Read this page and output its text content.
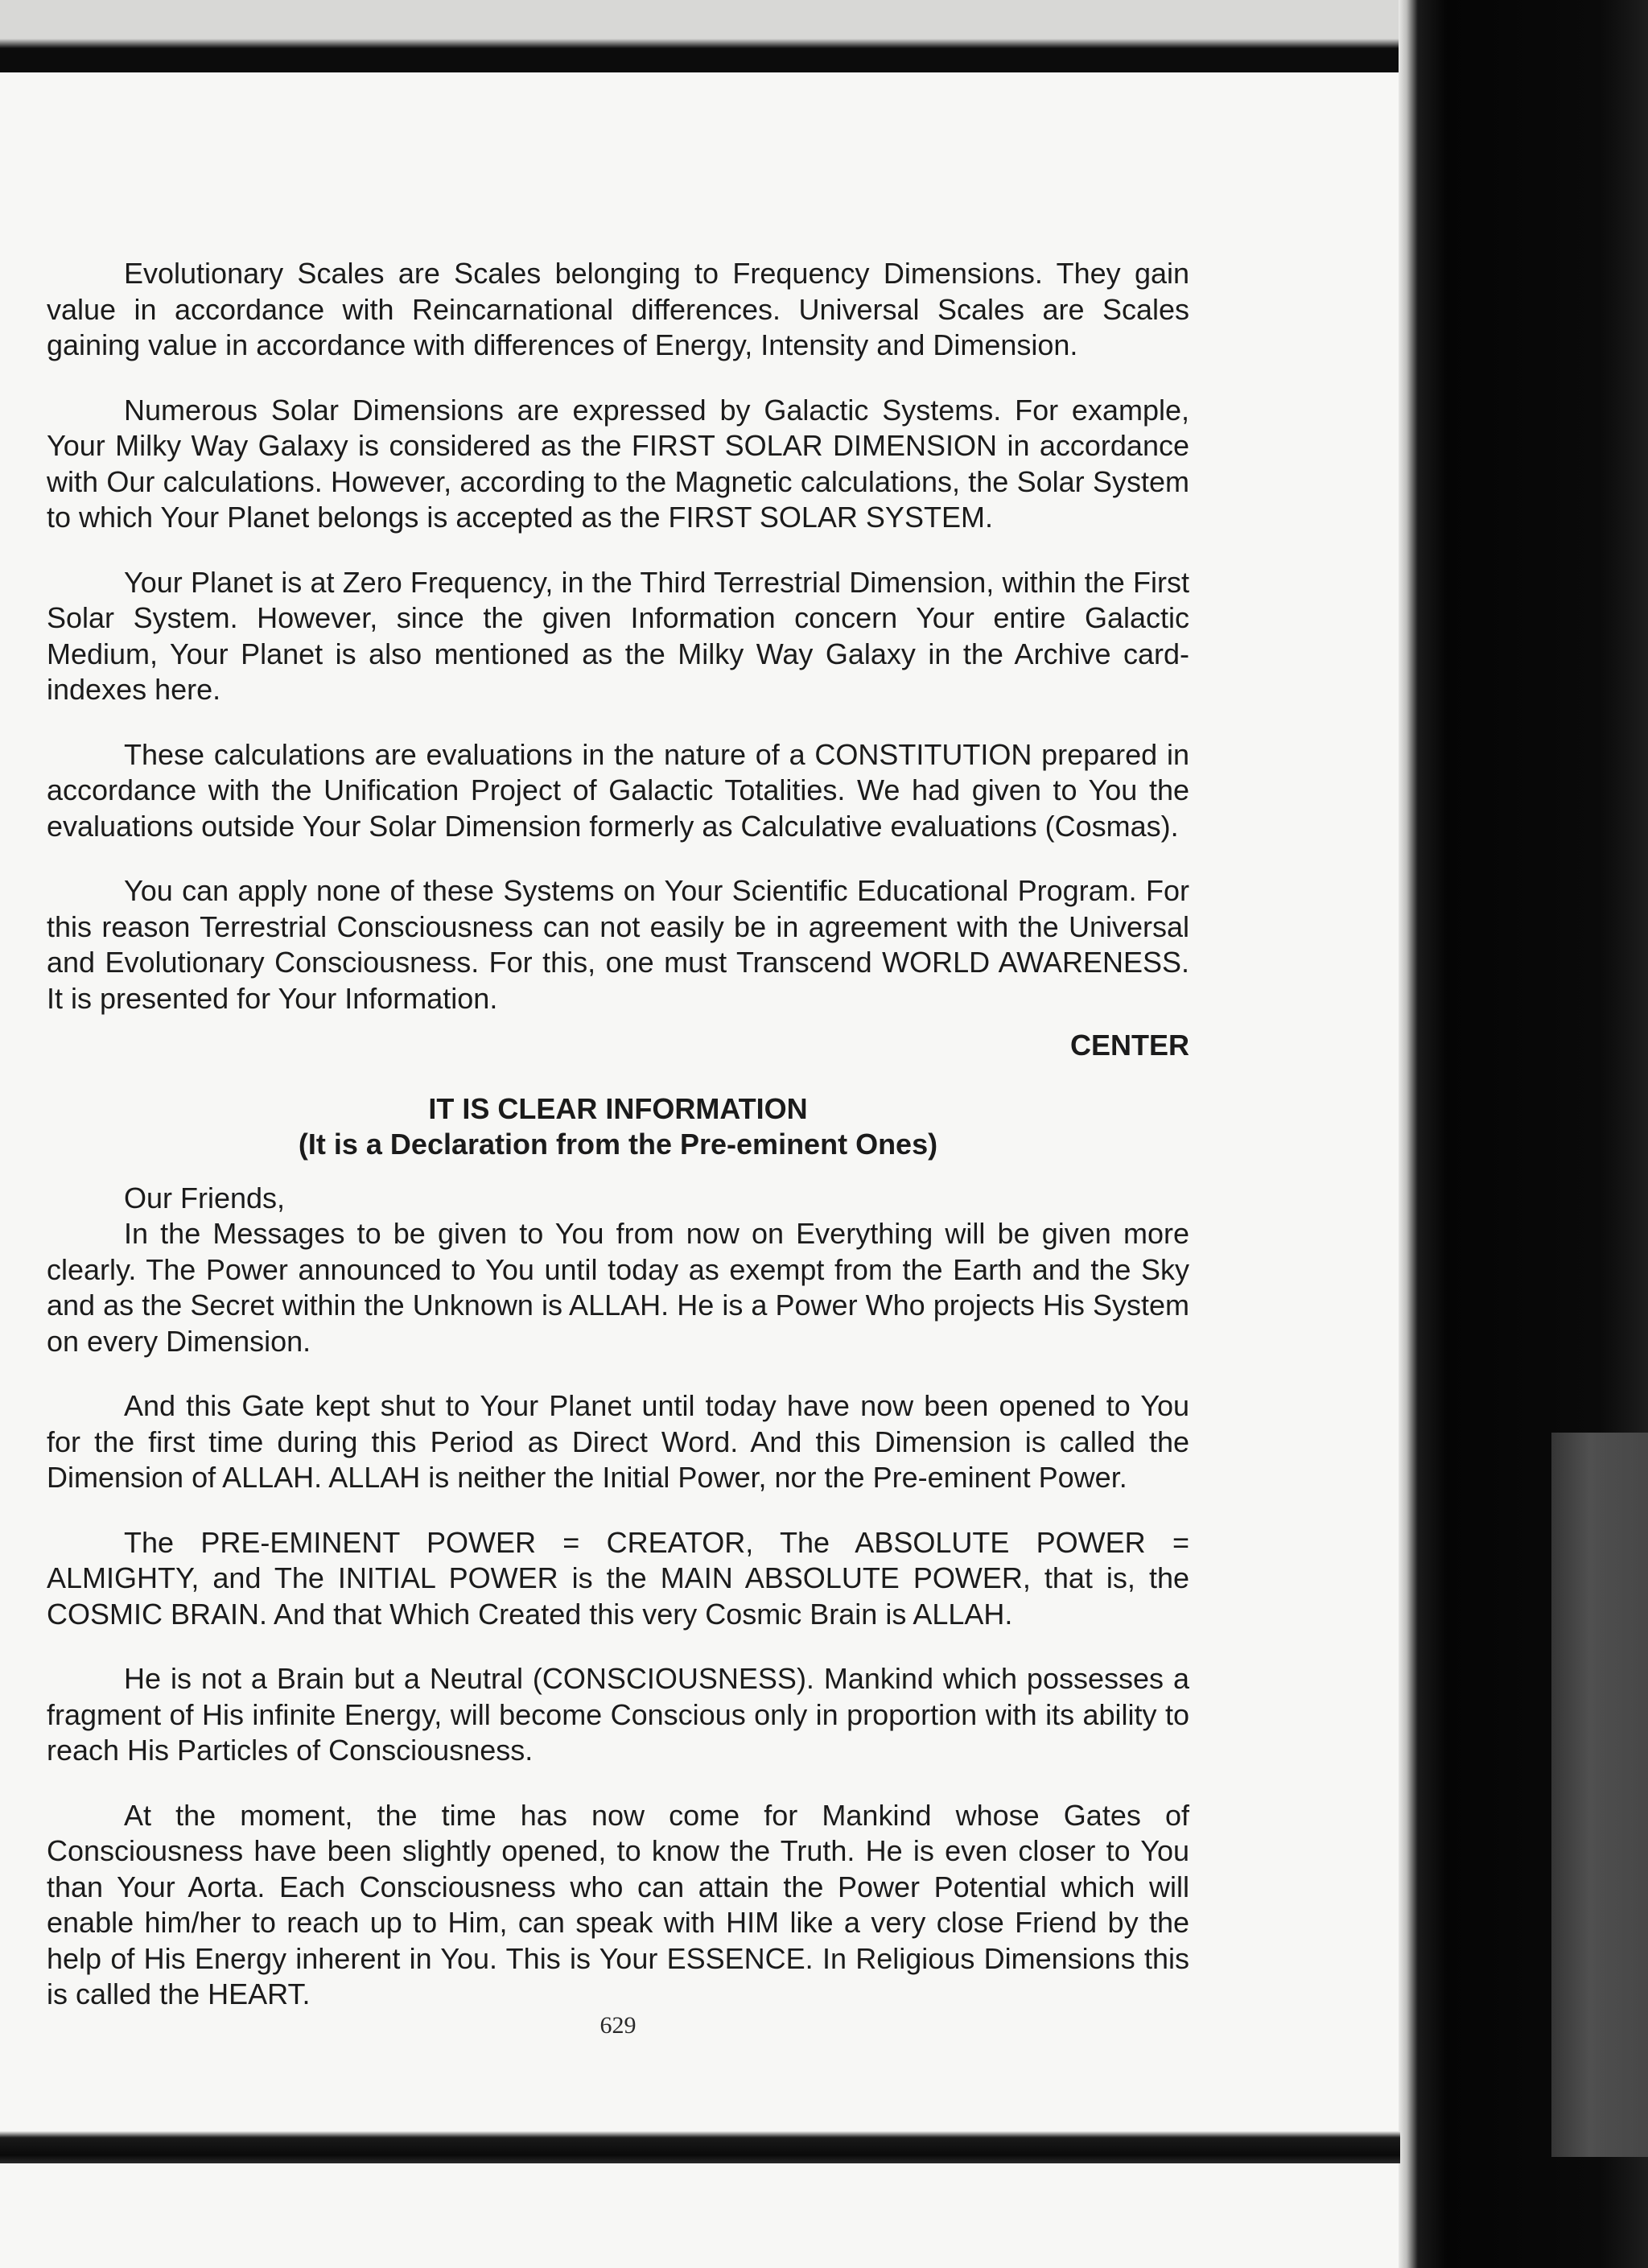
Evolutionary Scales are Scales belonging to Frequency Dimensions. They gain value in accordance with Reincarnational differences. Universal Scales are Scales gaining value in accordance with differences of Energy, Intensity and Dimension.

Numerous Solar Dimensions are expressed by Galactic Systems. For example, Your Milky Way Galaxy is considered as the FIRST SOLAR DIMENSION in accordance with Our calculations. However, according to the Magnetic calculations, the Solar System to which Your Planet belongs is accepted as the FIRST SOLAR SYSTEM.

Your Planet is at Zero Frequency, in the Third Terrestrial Dimension, within the First Solar System. However, since the given Information concern Your entire Galactic Medium, Your Planet is also mentioned as the Milky Way Galaxy in the Archive card-indexes here.

These calculations are evaluations in the nature of a CONSTITUTION prepared in accordance with the Unification Project of Galactic Totalities. We had given to You the evaluations outside Your Solar Dimension formerly as Calculative evaluations (Cosmas).

You can apply none of these Systems on Your Scientific Educational Program. For this reason Terrestrial Consciousness can not easily be in agreement with the Universal and Evolutionary Consciousness. For this, one must Transcend WORLD AWARENESS. It is presented for Your Information.

CENTER

IT IS CLEAR INFORMATION

(It is a Declaration from the Pre-eminent Ones)

Our Friends,

In the Messages to be given to You from now on Everything will be given more clearly. The Power announced to You until today as exempt from the Earth and the Sky and as the Secret within the Unknown is ALLAH. He is a Power Who projects His System on every Dimension.

And this Gate kept shut to Your Planet until today have now been opened to You for the first time during this Period as Direct Word. And this Dimension is called the Dimension of ALLAH. ALLAH is neither the Initial Power, nor the Pre-eminent Power.

The PRE-EMINENT POWER = CREATOR, The ABSOLUTE POWER = ALMIGHTY, and The INITIAL POWER is the MAIN ABSOLUTE POWER, that is, the COSMIC BRAIN. And that Which Created this very Cosmic Brain is ALLAH.

He is not a Brain but a Neutral (CONSCIOUSNESS). Mankind which possesses a fragment of His infinite Energy, will become Conscious only in proportion with its ability to reach His Particles of Consciousness.

At the moment, the time has now come for Mankind whose Gates of Consciousness have been slightly opened, to know the Truth. He is even closer to You than Your Aorta. Each Consciousness who can attain the Power Potential which will enable him/her to reach up to Him, can speak with HIM like a very close Friend by the help of His Energy inherent in You. This is Your ESSENCE. In Religious Dimensions this is called the HEART.

629
